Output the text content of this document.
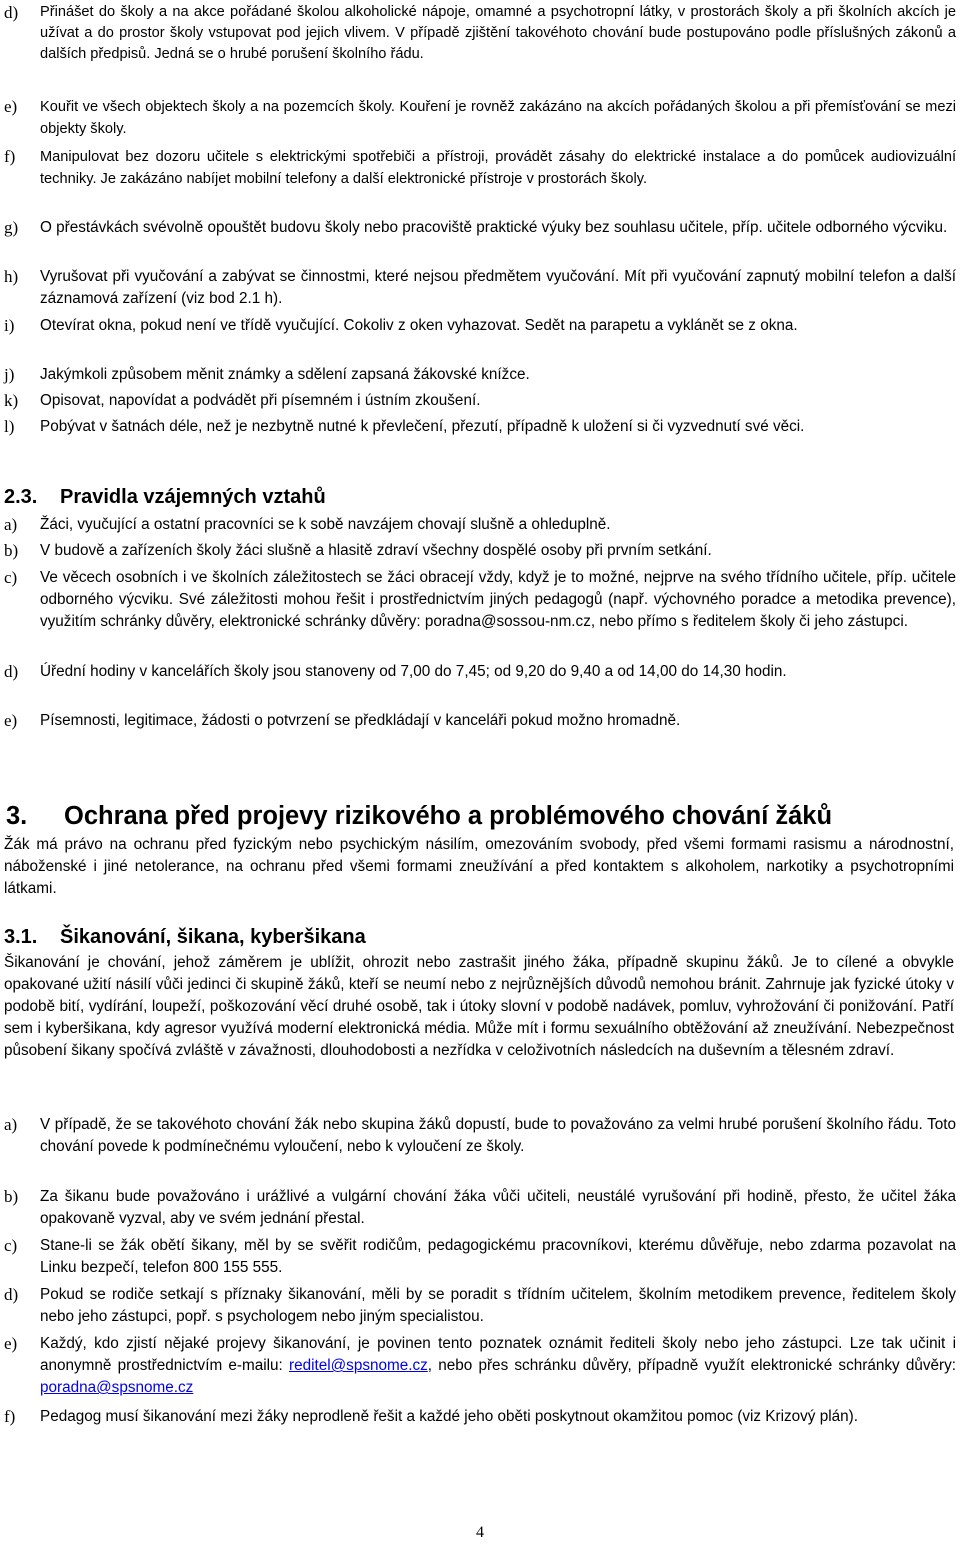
d) Přinášet do školy a na akce pořádané školou alkoholické nápoje, omamné a psychotropní látky, v prostorách školy a při školních akcích je užívat a do prostor školy vstupovat pod jejich vlivem. V případě zjištění takovéhoto chování bude postupováno podle příslušných zákonů a dalších předpisů. Jedná se o hrubé porušení školního řádu.
e) Kouřit ve všech objektech školy a na pozemcích školy. Kouření je rovněž zakázáno na akcích pořádaných školou a při přemísťování se mezi objekty školy.
f) Manipulovat bez dozoru učitele s elektrickými spotřebiči a přístroji, provádět zásahy do elektrické instalace a do pomůcek audiovizuální techniky. Je zakázáno nabíjet mobilní telefony a další elektronické přístroje v prostorách školy.
g) O přestávkách svévolně opouštět budovu školy nebo pracoviště praktické výuky bez souhlasu učitele, příp. učitele odborného výcviku.
h) Vyrušovat při vyučování a zabývat se činnostmi, které nejsou předmětem vyučování. Mít při vyučování zapnutý mobilní telefon a další záznamová zařízení (viz bod 2.1 h).
i) Otevírat okna, pokud není ve třídě vyučující. Cokoliv z oken vyhazovat. Sedět na parapetu a vyklánět se z okna.
j) Jakýmkoli způsobem měnit známky a sdělení zapsaná žákovské knížce.
k) Opisovat, napovídat a podvádět při písemném i ústním zkoušení.
l) Pobývat v šatnách déle, než je nezbytně nutné k převlečení, přezutí, případně k uložení si či vyzvednutí své věci.
2.3. Pravidla vzájemných vztahů
a) Žáci, vyučující a ostatní pracovníci se k sobě navzájem chovají slušně a ohleduplně.
b) V budově a zařízeních školy žáci slušně a hlasitě zdraví všechny dospělé osoby při prvním setkání.
c) Ve věcech osobních i ve školních záležitostech se žáci obracejí vždy, když je to možné, nejprve na svého třídního učitele, příp. učitele odborného výcviku. Své záležitosti mohou řešit i prostřednictvím jiných pedagogů (např. výchovného poradce a metodika prevence), využitím schránky důvěry, elektronické schránky důvěry: poradna@sossou-nm.cz, nebo přímo s ředitelem školy či jeho zástupci.
d) Úřední hodiny v kancelářích školy jsou stanoveny od 7,00 do 7,45; od 9,20 do 9,40 a od 14,00 do 14,30 hodin.
e) Písemnosti, legitimace, žádosti o potvrzení se předkládají v kanceláři pokud možno hromadně.
3. Ochrana před projevy rizikového a problémového chování žáků
Žák má právo na ochranu před fyzickým nebo psychickým násilím, omezováním svobody, před všemi formami rasismu a národnostní, náboženské i jiné netolerance, na ochranu před všemi formami zneužívání a před kontaktem s alkoholem, narkotiky a psychotropními látkami.
3.1. Šikanování, šikana, kyberšikana
Šikanování je chování, jehož záměrem je ublížit, ohrozit nebo zastrašit jiného žáka, případně skupinu žáků. Je to cílené a obvykle opakované užití násilí vůči jedinci či skupině žáků, kteří se neumí nebo z nejrůznějších důvodů nemohou bránit. Zahrnuje jak fyzické útoky v podobě bití, vydírání, loupeží, poškozování věcí druhé osobě, tak i útoky slovní v podobě nadávek, pomluv, vyhrožování či ponižování. Patří sem i kyberšikana, kdy agresor využívá moderní elektronická média. Může mít i formu sexuálního obtěžování až zneužívání. Nebezpečnost působení šikany spočívá zvláště v závažnosti, dlouhodobosti a nezřídka v celoživotních následcích na duševním a tělesném zdraví.
a) V případě, že se takovéhoto chování žák nebo skupina žáků dopustí, bude to považováno za velmi hrubé porušení školního řádu. Toto chování povede k podmínečnému vyloučení, nebo k vyloučení ze školy.
b) Za šikanu bude považováno i urážlivé a vulgární chování žáka vůči učiteli, neustálé vyrušování při hodině, přesto, že učitel žáka opakovaně vyzval, aby ve svém jednání přestal.
c) Stane-li se žák obětí šikany, měl by se svěřit rodičům, pedagogickému pracovníkovi, kterému důvěřuje, nebo zdarma pozavolat na Linku bezpečí, telefon 800 155 555.
d) Pokud se rodiče setkají s příznaky šikanování, měli by se poradit s třídním učitelem, školním metodikem prevence, ředitelem školy nebo jeho zástupci, popř. s psychologem nebo jiným specialistou.
e) Každý, kdo zjistí nějaké projevy šikanování, je povinen tento poznatek oznámit řediteli školy nebo jeho zástupci. Lze tak učinit i anonymně prostřednictvím e-mailu: reditel@spsnome.cz, nebo přes schránku důvěry, případně využít elektronické schránky důvěry: poradna@spsnome.cz
f) Pedagog musí šikanování mezi žáky neprodleně řešit a každé jeho oběti poskytnout okamžitou pomoc (viz Krizový plán).
4
